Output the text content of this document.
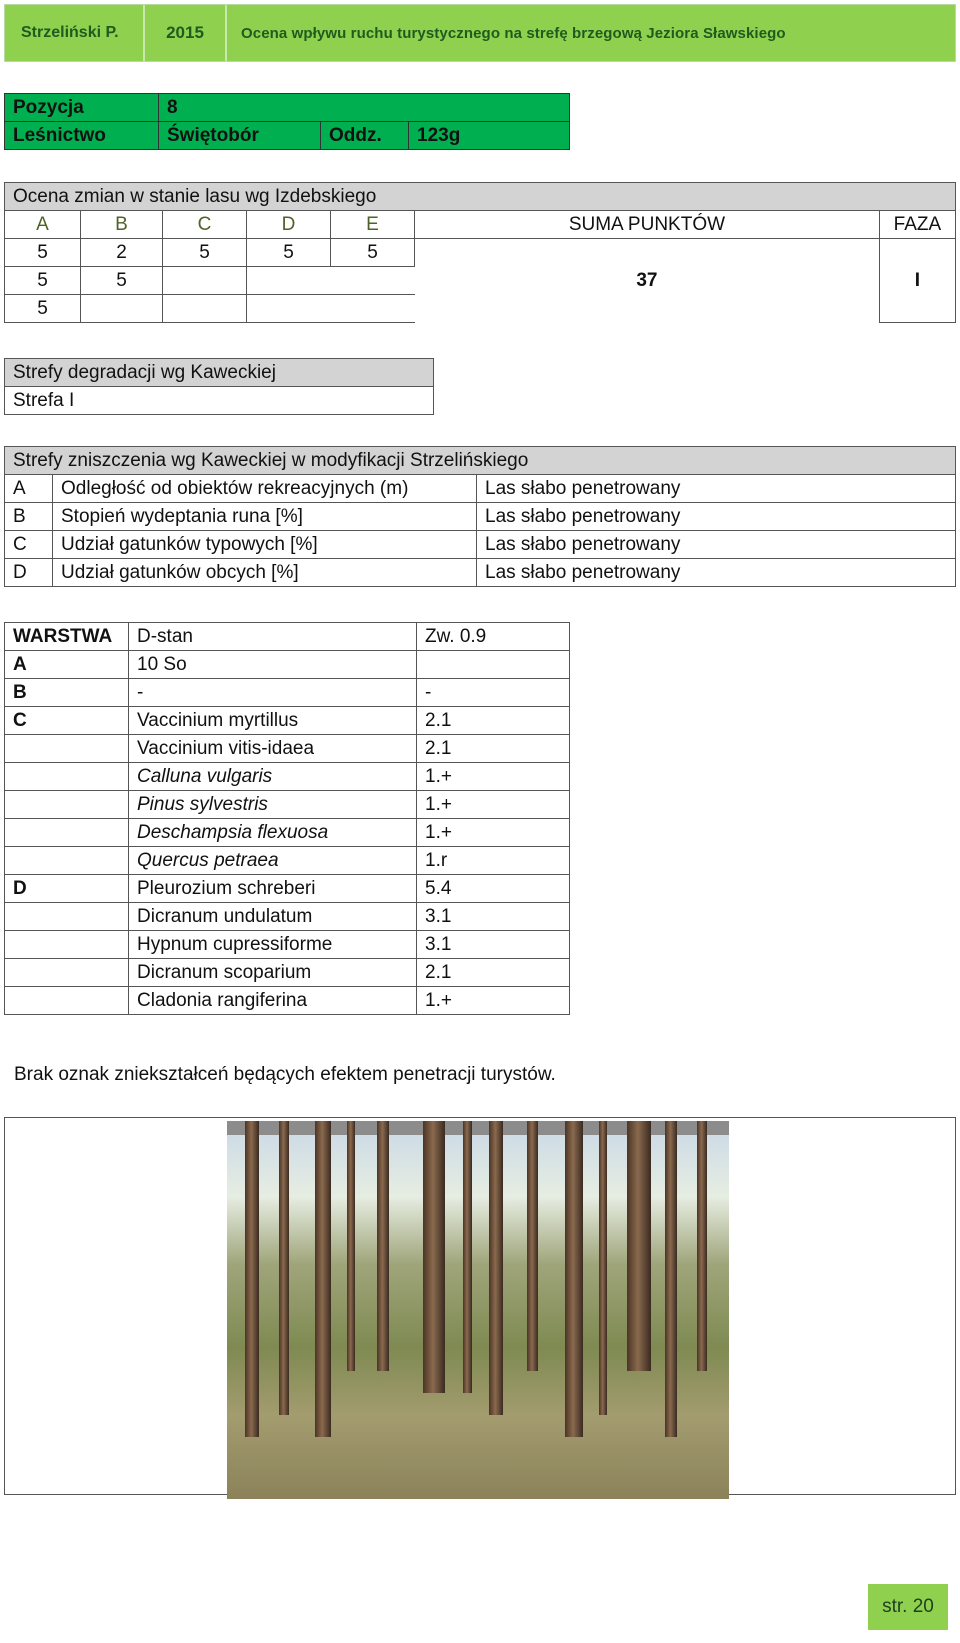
Strzeliński P.	2015	Ocena wpływu ruchu turystycznego na strefę brzegową Jeziora Sławskiego
Pozycja	8		
Leśnictwo	Świętobór	Oddz.	123g
Ocena zmian w stanie lasu wg Izdebskiego						
A	B	C	D	E	SUMA PUNKTÓW	FAZA
5	2	5	5	5	37	I
5	5					
5						
Strefy degradacji wg Kaweckiej
Strefa I
Strefy zniszczenia wg Kaweckiej w modyfikacji Strzelińskiego		
A	Odległość od obiektów rekreacyjnych (m)	Las słabo penetrowany
B	Stopień wydeptania runa [%]	Las słabo penetrowany
C	Udział gatunków typowych [%]	Las słabo penetrowany
D	Udział gatunków obcych [%]	Las słabo penetrowany
WARSTWA	D-stan	Zw. 0.9
A	10 So	
B	-	-
C	Vaccinium myrtillus	2.1
	Vaccinium vitis-idaea	2.1
	Calluna vulgaris	1.+
	Pinus sylvestris	1.+
	Deschampsia flexuosa	1.+
	Quercus petraea	1.r
D	Pleurozium schreberi	5.4
	Dicranum undulatum	3.1
	Hypnum cupressiforme	3.1
	Dicranum scoparium	2.1
	Cladonia rangiferina	1.+
Brak oznak zniekształceń będących efektem penetracji turystów.
str. 20
